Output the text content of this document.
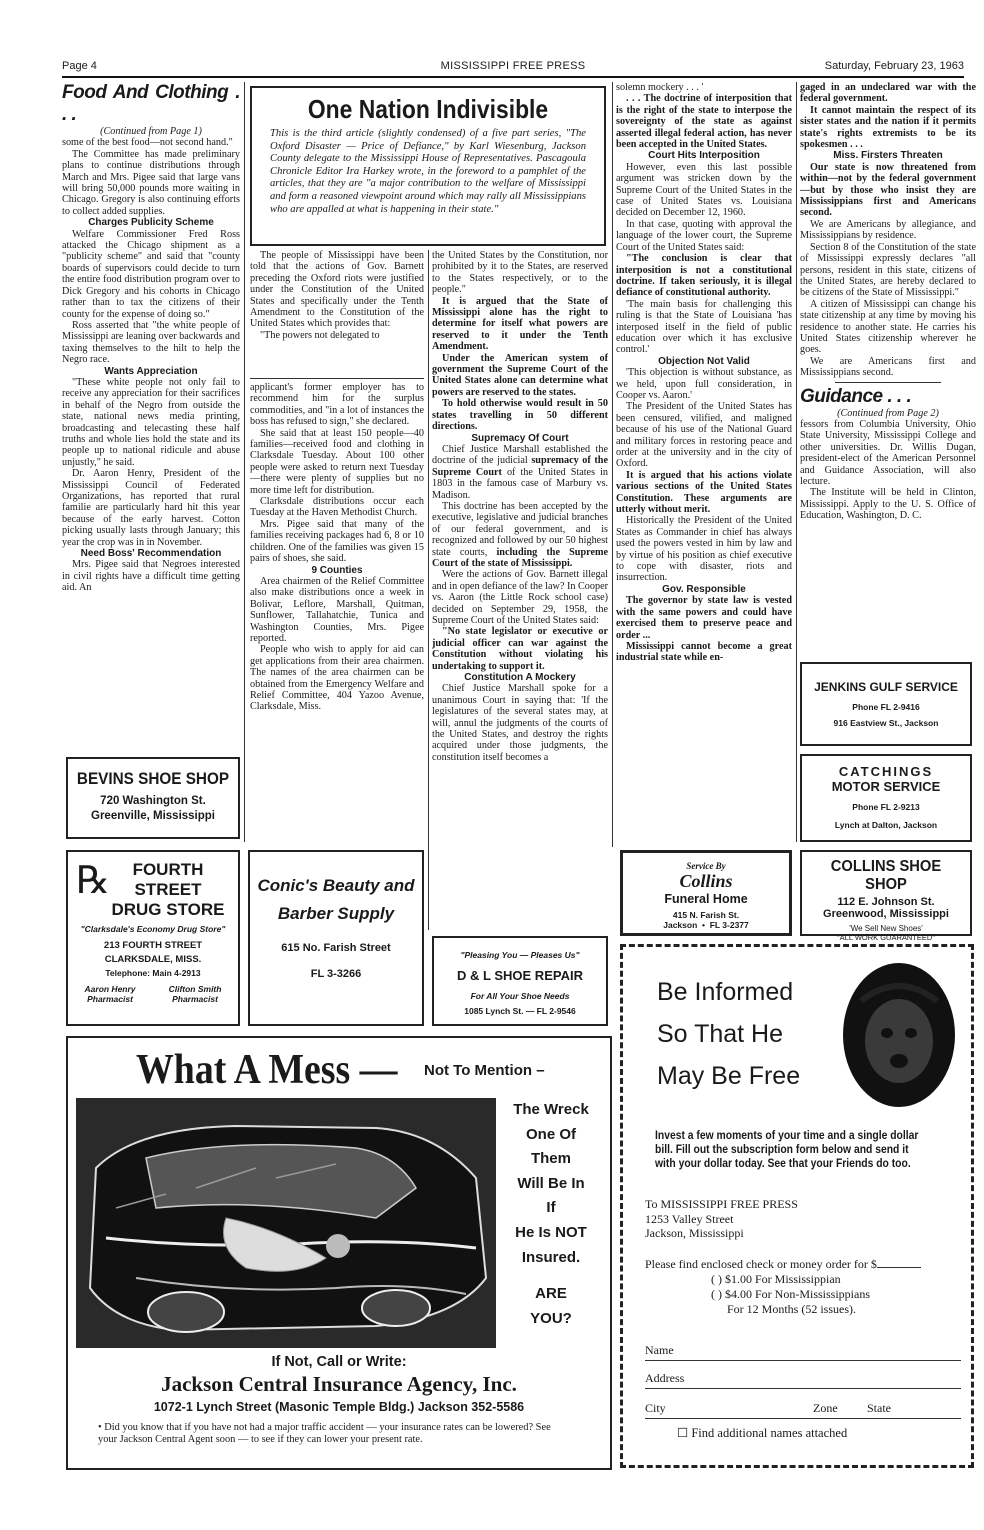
Page 4	MISSISSIPPI FREE PRESS	Saturday, February 23, 1963
Food And Clothing . . .

(Continued from Page 1)

some of the best food—not second hand."

The Committee has made preliminary plans to continue distributions through March and Mrs. Pigee said that large vans will bring 50,000 pounds more waiting in Chicago. Gregory is also continuing efforts to collect added supplies.

Charges Publicity Scheme

Welfare Commissioner Fred Ross attacked the Chicago shipment as a "publicity scheme" and said that "county boards of supervisors could decide to turn the entire food distribution program over to Dick Gregory and his cohorts in Chicago rather than to tax the citizens of their county for the expense of doing so."

Ross asserted that "the white people of Mississippi are leaning over backwards and taxing themselves to the hilt to help the Negro race.

Wants Appreciation

"These white people not only fail to receive any appreciation for their sacrifices in behalf of the Negro from outside the state, national news media printing, broadcasting and telecasting these half truths and whole lies hold the state and its people up to national ridicule and abuse unjustly," he said.

Dr. Aaron Henry, President of the Mississippi Council of Federated Organizations, has reported that rural familie are particularly hard hit this year because of the early harvest. Cotton picking usually lasts through January; this year the crop was in in November.

Need Boss' Recommendation

Mrs. Pigee said that Negroes interested in civil rights have a difficult time getting aid. An

One Nation Indivisible
This is the third article (slightly condensed) of a five part series, "The Oxford Disaster — Price of Defiance," by Karl Wiesenburg, Jackson County delegate to the Mississippi House of Representatives. Pascagoula Chronicle Editor Ira Harkey wrote, in the foreword to a pamphlet of the articles, that they are "a major contribution to the welfare of Mississippi and form a reasoned viewpoint around which may rally all Mississippians who are appalled at what is happening in their state."

The people of Mississippi have been told that the actions of Gov. Barnett preceding the Oxford riots were justified under the Constitution of the United States and specifically under the Tenth Amendment to the Constitution of the United States which provides that:

"The powers not delegated to

applicant's former employer has to recommend him for the surplus commodities, and "in a lot of instances the boss has refused to sign," she declared.

She said that at least 150 people—40 families—received food and clothing in Clarksdale Tuesday. About 100 other people were asked to return next Tuesday—there were plenty of supplies but no more time left for distribution.

Clarksdale distributions occur each Tuesday at the Haven Methodist Church.

Mrs. Pigee said that many of the families receiving packages had 6, 8 or 10 children. One of the families was given 15 pairs of shoes, she said.

9 Counties

Area chairmen of the Relief Committee also make distributions once a week in Bolivar, Leflore, Marshall, Quitman, Sunflower, Tallahatchie, Tunica and Washington Counties, Mrs. Pigee reported.

People who wish to apply for aid can get applications from their area chairmen. The names of the area chairmen can be obtained from the Emergency Welfare and Relief Committee, 404 Yazoo Avenue, Clarksdale, Miss.

the United States by the Constitution, nor prohibited by it to the States, are reserved to the States respectively, or to the people."

It is argued that the State of Mississippi alone has the right to determine for itself what powers are reserved to it under the Tenth Amendment.

Under the American system of government the Supreme Court of the United States alone can determine what powers are reserved to the states.

To hold otherwise would result in 50 states travelling in 50 different directions.

Supremacy Of Court

Chief Justice Marshall established the doctrine of the judicial supremacy of the Supreme Court of the United States in 1803 in the famous case of Marbury vs. Madison.

This doctrine has been accepted by the executive, legislative and judicial branches of our federal government, and is recognized and followed by our 50 highest state courts, including the Supreme Court of the state of Mississippi.

Were the actions of Gov. Barnett illegal and in open defiance of the law? In Cooper vs. Aaron (the Little Rock school case) decided on September 29, 1958, the Supreme Court of the United States said:

"No state legislator or executive or judicial officer can war against the Constitution without violating his undertaking to support it.

Constitution A Mockery

Chief Justice Marshall spoke for a unanimous Court in saying that: 'If the legislatures of the several states may, at will, annul the judgments of the courts of the United States, and destroy the rights acquired under those judgments, the constitution itself becomes a

solemn mockery . . . '

. . . The doctrine of interposition that is the right of the state to interpose the sovereignty of the state as against asserted illegal federal action, has never been accepted in the United States.

Court Hits Interposition

However, even this last possible argument was stricken down by the Supreme Court of the United States in the case of United States vs. Louisiana decided on December 12, 1960.

In that case, quoting with approval the language of the lower court, the Supreme Court of the United States said:

"The conclusion is clear that interposition is not a constitutional doctrine. If taken seriously, it is illegal defiance of constitutional authority.

'The main basis for challenging this ruling is that the State of Louisiana 'has interposed itself in the field of public education over which it has exclusive control.'

Objection Not Valid

'This objection is without substance, as we held, upon full consideration, in Cooper vs. Aaron.'

The President of the United States has been censured, vilified, and maligned because of his use of the National Guard and military forces in restoring peace and order at the university and in the city of Oxford.

It is argued that his actions violate various sections of the United States Constitution. These arguments are utterly without merit.

Historically the President of the United States as Commander in chief has always used the powers vested in him by law and by virtue of his position as chief executive to cope with disaster, riots and insurrection.

Gov. Responsible

The governor by state law is vested with the same powers and could have exercised them to preserve peace and order ...

Mississippi cannot become a great industrial state while en-

gaged in an undeclared war with the federal government.

It cannot maintain the respect of its sister states and the nation if it permits state's rights extremists to be its spokesmen . . .

Miss. Firsters Threaten

Our state is now threatened from within—not by the federal government—but by those who insist they are Mississippians first and Americans second.

We are Americans by allegiance, and Mississippians by residence.

Section 8 of the Constitution of the state of Mississippi expressly declares "all persons, resident in this state, citizens of the United States, are hereby declared to be citizens of the State of Mississippi."

A citizen of Mississippi can change his state citizenship at any time by moving his residence to another state. He carries his United States citizenship wherever he goes.

We are Americans first and Mississippians second.

Guidance . . .

(Continued from Page 2)

fessors from Columbia University, Ohio State University, Mississippi College and other universities. Dr. Willis Dugan, president-elect of the American Personnel and Guidance Association, will also lecture.

The Institute will be held in Clinton, Mississippi. Apply to the U. S. Office of Education, Washington, D. C.

BEVINS SHOE SHOP
720 Washington St.
Greenville, Mississippi
℞	FOURTH STREET
DRUG STORE
"Clarksdale's Economy Drug Store"
213 FOURTH STREET
CLARKSDALE, MISS.
Telephone: Main 4-2913
Aaron Henry
Pharmacist
Clifton Smith
Pharmacist
Conic's Beauty and
Barber Supply
615 No. Farish Street
FL 3-3266
"Pleasing You — Pleases Us"
D & L SHOE REPAIR
For All Your Shoe Needs
1085 Lynch St. — FL 2-9546
Service By
Collins
Funeral Home
415 N. Farish St.
Jackson  •  FL 3-2377
JENKINS GULF SERVICE
Phone FL 2-9416
916 Eastview St., Jackson
CATCHINGS
MOTOR SERVICE
Phone FL 2-9213
Lynch at Dalton, Jackson
COLLINS SHOE SHOP
112 E. Johnson St.
Greenwood, Mississippi
'We Sell New Shoes'
"ALL WORK GUARANTEED"
What A Mess — Not To Mention –
The Wreck
One Of
Them
Will Be In
If
He Is NOT
Insured.
ARE
YOU?
If Not, Call or Write:
Jackson Central Insurance Agency, Inc.
1072-1 Lynch Street (Masonic Temple Bldg.) Jackson 352-5586
• Did you know that if you have not had a major traffic accident — your insurance rates can be lowered? See your Jackson Central Agent soon — to see if they can lower your present rate.
Be Informed
So That He
May Be Free
Invest a few moments of your time and a single dollar bill. Fill out the subscription form below and send it with your dollar today. See that your Friends do too.
To MISSISSIPPI FREE PRESS
1253 Valley Street
Jackson, Mississippi
Please find enclosed check or money order for $
( ) $1.00 For Mississippian
( ) $4.00 For Non-Mississippians
For 12 Months (52 issues).
Name
Address
City	Zone State
☐ Find additional names attached
